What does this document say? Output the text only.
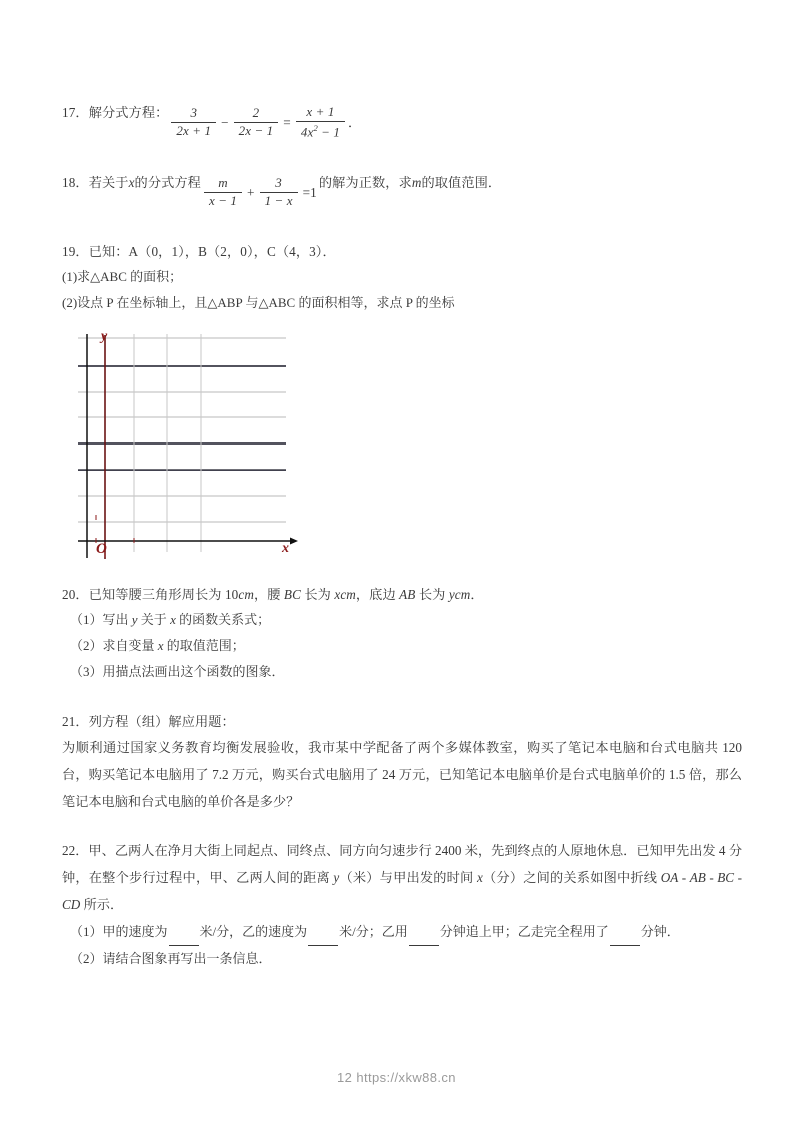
17． 解分式方程： $\frac{3}{2x + 1} - \frac{2}{2x - 1} = \frac{x + 1}{4x^2 - 1}$ ．
18． 若关于 x 的分式方程 $\frac{m}{x - 1} + \frac{3}{1 - x} =1$
的解为正数，求 m 的取值范围．
19．已知：A（0，1），B（2，0），C（4，3）．
(1)求△ABC 的面积；
(2)设点 P 在坐标轴上，且△ABP 与△ABC 的面积相等，求点 P 的坐标
y
x
O
20．已知等腰三角形周长为 10cm，腰 BC 长为 xcm，底边 AB 长为 ycm．
（1）写出 y 关于 x 的函数关系式；
（2）求自变量 x 的取值范围；
（3）用描点法画出这个函数的图象．
21．列方程（组）解应用题：
为顺利通过国家义务教育均衡发展验收，我市某中学配备了两个多媒体教室，购买了笔记本电脑和台式电脑共 120 台，购买笔记本电脑用了 7.2 万元，购买台式电脑用了 24 万元，已知笔记本电脑单价是台式电脑单价的 1.5 倍，那么笔记本电脑和台式电脑的单价各是多少？
22．甲、乙两人在净月大街上同起点、同终点、同方向匀速步行 2400 米，先到终点的人原地休息．已知甲先出发 4 分钟，在整个步行过程中，甲、乙两人间的距离 y（米）与甲出发的时间 x（分）之间的关系如图中折线 OA - AB - BC - CD 所示．
（1）甲的速度为 米/分，乙的速度为 米/分；乙用 分钟追上甲；乙走完全程用了 分钟．
（2）请结合图象再写出一条信息．
12 https://xkw88.cn
